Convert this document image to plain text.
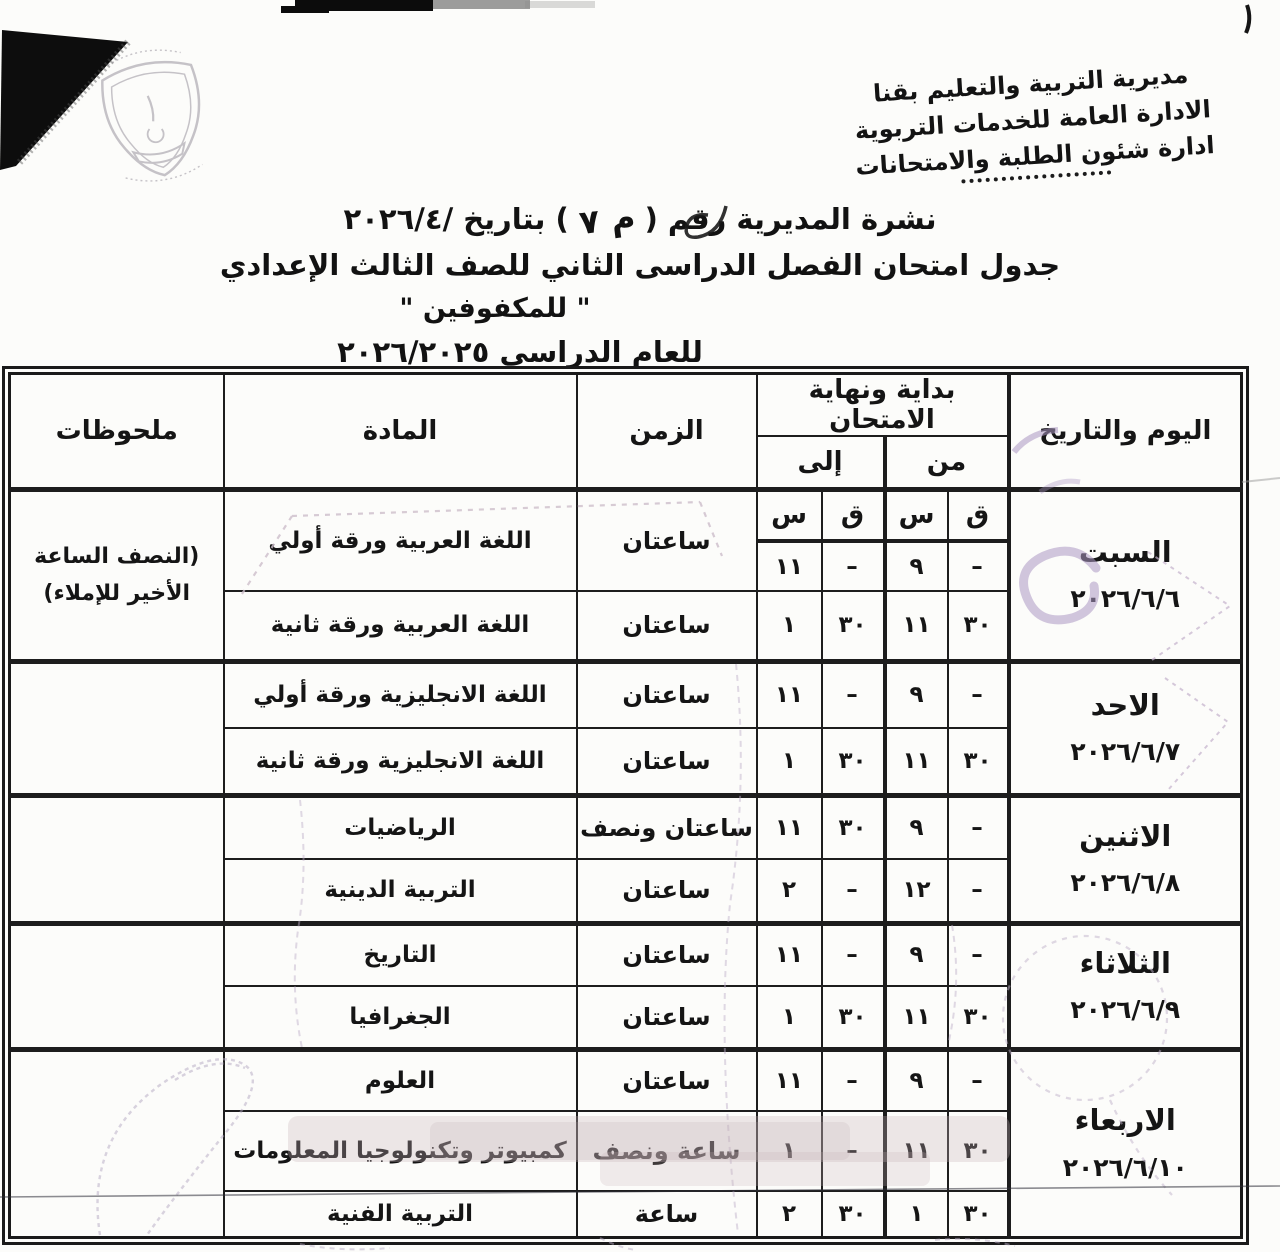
مديرية التربية والتعليم بقنا
الادارة العامة للخدمات التربوية
ادارة شئون الطلبة والامتحانات
نشرة المديرية رقم (م ٧) بتاريخ ٢٠٢٦/٤/
جدول امتحان الفصل الدراسى الثاني للصف الثالث الإعدادي
" للمكفوفين "
للعام الدراسي ٢٠٢٦/٢٠٢٥
اليوم والتاريخ	بداية ونهاية الامتحان				الزمن	المادة	ملحوظات
	من		إلى				

السبت
٢٠٢٦/٦/٦	ق	س	ق	س	ساعتان	اللغة العربية ورقة أولي	(النصف الساعة الأخير للإملاء)
	–	٩	–	١١			
	٣٠	١١	٣٠	١	ساعتان	اللغة العربية ورقة ثانية	

الاحد
٢٠٢٦/٦/٧	–	٩	–	١١	ساعتان	اللغة الانجليزية ورقة أولي	
	٣٠	١١	٣٠	١	ساعتان	اللغة الانجليزية ورقة ثانية	

الاثنين
٢٠٢٦/٦/٨	–	٩	٣٠	١١	ساعتان ونصف	الرياضيات	
	–	١٢	–	٢	ساعتان	التربية الدينية	

الثلاثاء
٢٠٢٦/٦/٩	–	٩	–	١١	ساعتان	التاريخ	
	٣٠	١١	٣٠	١	ساعتان	الجغرافيا	

الاربعاء
٢٠٢٦/٦/١٠	–	٩	–	١١	ساعتان	العلوم	
	٣٠	١١	–	١	ساعة ونصف	كمبيوتر وتكنولوجيا المعلومات	
	٣٠	١	٣٠	٢	ساعة	التربية الفنية	
